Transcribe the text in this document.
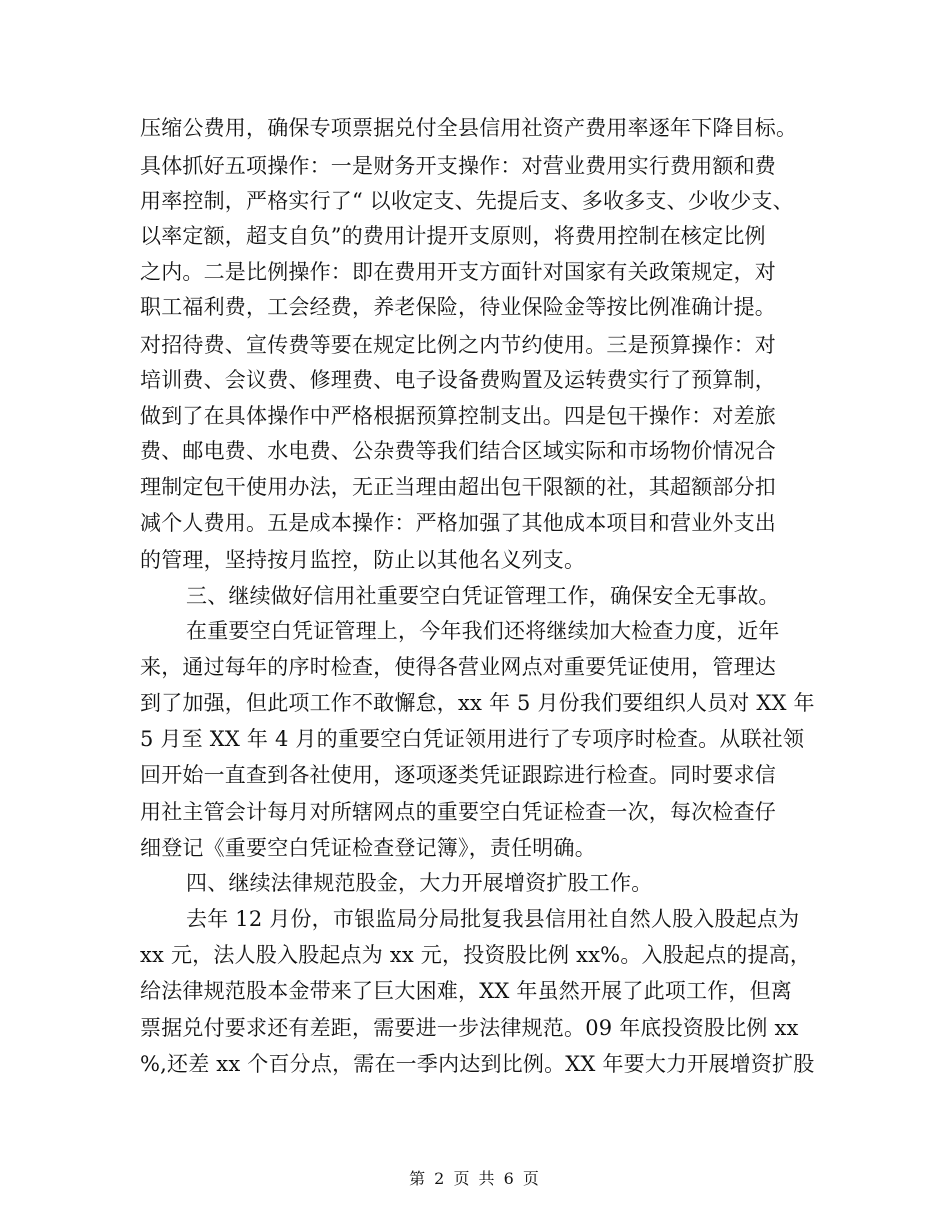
压缩公费用，确保专项票据兑付全县信用社资产费用率逐年下降目标。
具体抓好五项操作：一是财务开支操作：对营业费用实行费用额和费
用率控制，严格实行了“ 以收定支、先提后支、多收多支、少收少支、
以率定额，超支自负”的费用计提开支原则，将费用控制在核定比例
之内。二是比例操作：即在费用开支方面针对国家有关政策规定，对
职工福利费，工会经费，养老保险，待业保险金等按比例准确计提。
对招待费、宣传费等要在规定比例之内节约使用。三是预算操作：对
培训费、会议费、修理费、电子设备费购置及运转费实行了预算制，
做到了在具体操作中严格根据预算控制支出。四是包干操作：对差旅
费、邮电费、水电费、公杂费等我们结合区域实际和市场物价情况合
理制定包干使用办法，无正当理由超出包干限额的社，其超额部分扣
减个人费用。五是成本操作：严格加强了其他成本项目和营业外支出
的管理，坚持按月监控，防止以其他名义列支。
三、继续做好信用社重要空白凭证管理工作，确保安全无事故。
在重要空白凭证管理上，今年我们还将继续加大检查力度，近年
来，通过每年的序时检查，使得各营业网点对重要凭证使用，管理达
到了加强，但此项工作不敢懈怠，xx 年 5 月份我们要组织人员对 XX 年
5 月至 XX 年 4 月的重要空白凭证领用进行了专项序时检查。从联社领
回开始一直查到各社使用，逐项逐类凭证跟踪进行检查。同时要求信
用社主管会计每月对所辖网点的重要空白凭证检查一次，每次检查仔
细登记《重要空白凭证检查登记簿》，责任明确。
四、继续法律规范股金，大力开展增资扩股工作。
去年 12 月份，市银监局分局批复我县信用社自然人股入股起点为
xx 元，法人股入股起点为 xx 元，投资股比例 xx%。入股起点的提高，
给法律规范股本金带来了巨大困难，XX 年虽然开展了此项工作，但离
票据兑付要求还有差距，需要进一步法律规范。09 年底投资股比例 xx
%,还差 xx 个百分点，需在一季内达到比例。XX 年要大力开展增资扩股
第 2 页 共 6 页
